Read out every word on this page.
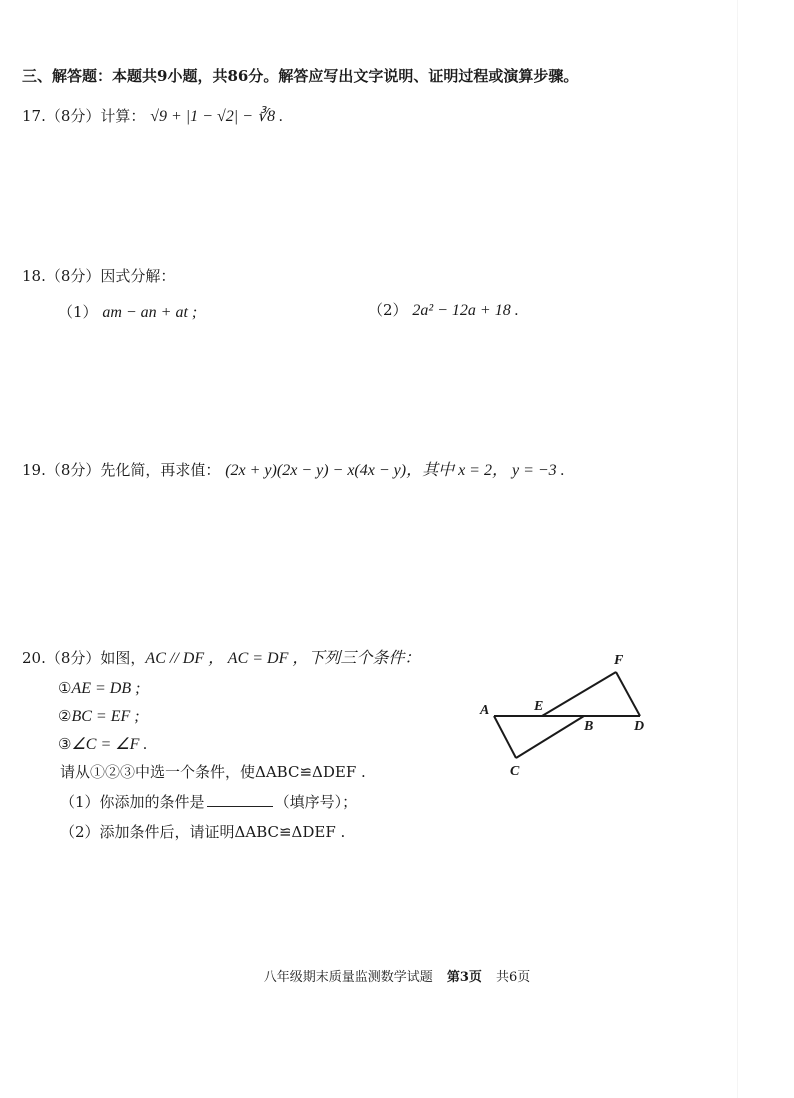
三、解答题：本题共9小题，共86分。解答应写出文字说明、证明过程或演算步骤。
17.（8分）计算： √9 + |1 − √2| − ∛8 .
18.（8分）因式分解：
（1） am − an + at ;	（2） 2a² − 12a + 18 .
19.（8分）先化简，再求值： (2x + y)(2x − y) − x(4x − y)，其中 x = 2， y = −3 .
20.（8分）如图，AC // DF ， AC = DF ，下列三个条件：
①AE = DB ;
②BC = EF ;
③∠C = ∠F .
请从①②③中选一个条件，使ΔABC≌ΔDEF .
（1）你添加的条件是	（填序号）；
（2）添加条件后，请证明ΔABC≌ΔDEF .
A	E
B	D
F
C
八年级期末质量监测数学试题 第3页 共6页
